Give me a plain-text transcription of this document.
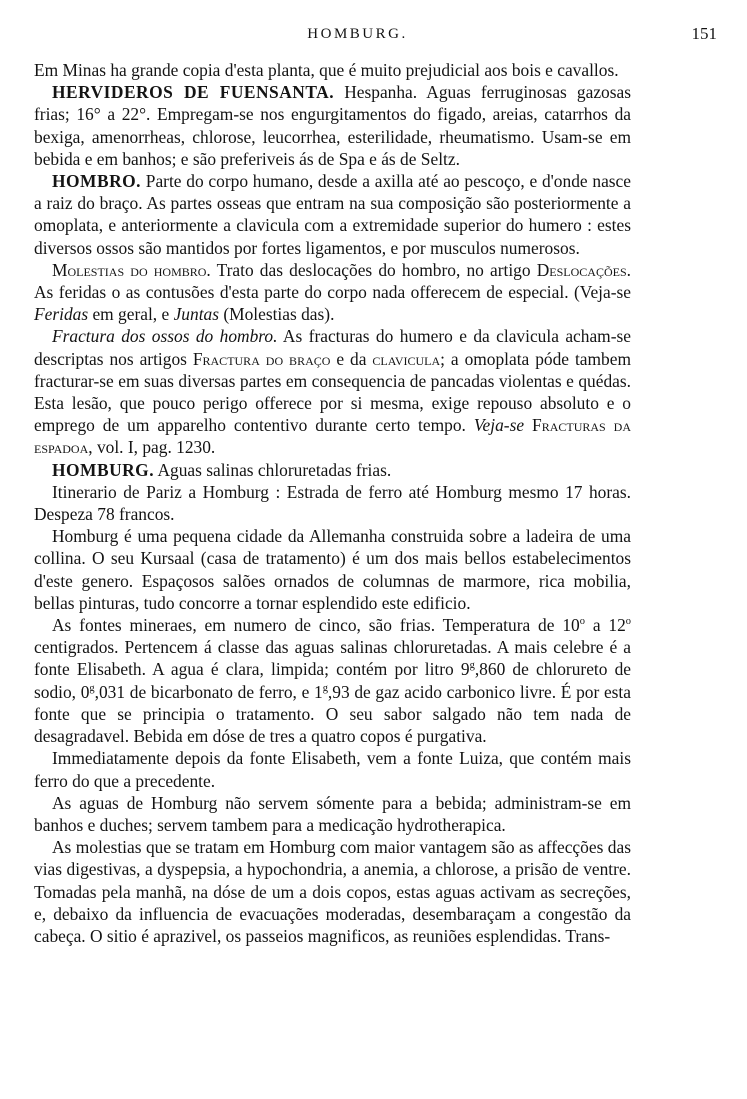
HOMBURG.	151

Em Minas ha grande copia d'esta planta, que é muito prejudicial aos bois e cavallos.

HERVIDEROS DE FUENSANTA. Hespanha. Aguas ferruginosas gazosas frias; 16° a 22°. Empregam-se nos engurgitamentos do figado, areias, catarrhos da bexiga, amenorrheas, chlorose, leucorrhea, esterilidade, rheumatismo. Usam-se em bebida e em banhos; e são preferiveis ás de Spa e ás de Seltz.

HOMBRO. Parte do corpo humano, desde a axilla até ao pescoço, e d'onde nasce a raiz do braço. As partes osseas que entram na sua composição são posteriormente a omoplata, e anteriormente a clavicula com a extremidade superior do humero : estes diversos ossos são mantidos por fortes ligamentos, e por musculos numerosos.

Molestias do hombro. Trato das deslocações do hombro, no artigo Deslocações. As feridas o as contusões d'esta parte do corpo nada offerecem de especial. (Veja-se Feridas em geral, e Juntas (Molestias das).

Fractura dos ossos do hombro. As fracturas do humero e da clavicula acham-se descriptas nos artigos Fractura do braço e da clavicula; a omoplata póde tambem fracturar-se em suas diversas partes em consequencia de pancadas violentas e quédas. Esta lesão, que pouco perigo offerece por si mesma, exige repouso absoluto e o emprego de um apparelho contentivo durante certo tempo. Veja-se Fracturas da espadoa, vol. I, pag. 1230.

HOMBURG. Aguas salinas chloruretadas frias.

Itinerario de Pariz a Homburg : Estrada de ferro até Homburg mesmo 17 horas. Despeza 78 francos.

Homburg é uma pequena cidade da Allemanha construida sobre a ladeira de uma collina. O seu Kursaal (casa de tratamento) é um dos mais bellos estabelecimentos d'este genero. Espaçosos salões ornados de columnas de marmore, rica mobilia, bellas pinturas, tudo concorre a tornar esplendido este edificio.

As fontes mineraes, em numero de cinco, são frias. Temperatura de 10$^o$ a 12$^o$ centigrados. Pertencem á classe das aguas salinas chloruretadas. A mais celebre é a fonte Elisabeth. A agua é clara, limpida; contém por litro 9$^g$,860 de chlorureto de sodio, 0$^g$,031 de bicarbonato de ferro, e 1$^g$,93 de gaz acido carbonico livre. É por esta fonte que se principia o tratamento. O seu sabor salgado não tem nada de desagradavel. Bebida em dóse de tres a quatro copos é purgativa.

Immediatamente depois da fonte Elisabeth, vem a fonte Luiza, que contém mais ferro do que a precedente.

As aguas de Homburg não servem sómente para a bebida; administram-se em banhos e duches; servem tambem para a medicação hydrotherapica.

As molestias que se tratam em Homburg com maior vantagem são as affecções das vias digestivas, a dyspepsia, a hypochondria, a anemia, a chlorose, a prisão de ventre. Tomadas pela manhã, na dóse de um a dois copos, estas aguas activam as secreções, e, debaixo da influencia de evacuações moderadas, desembaraçam a congestão da cabeça. O sitio é aprazivel, os passeios magnificos, as reuniões esplendidas. Trans-
